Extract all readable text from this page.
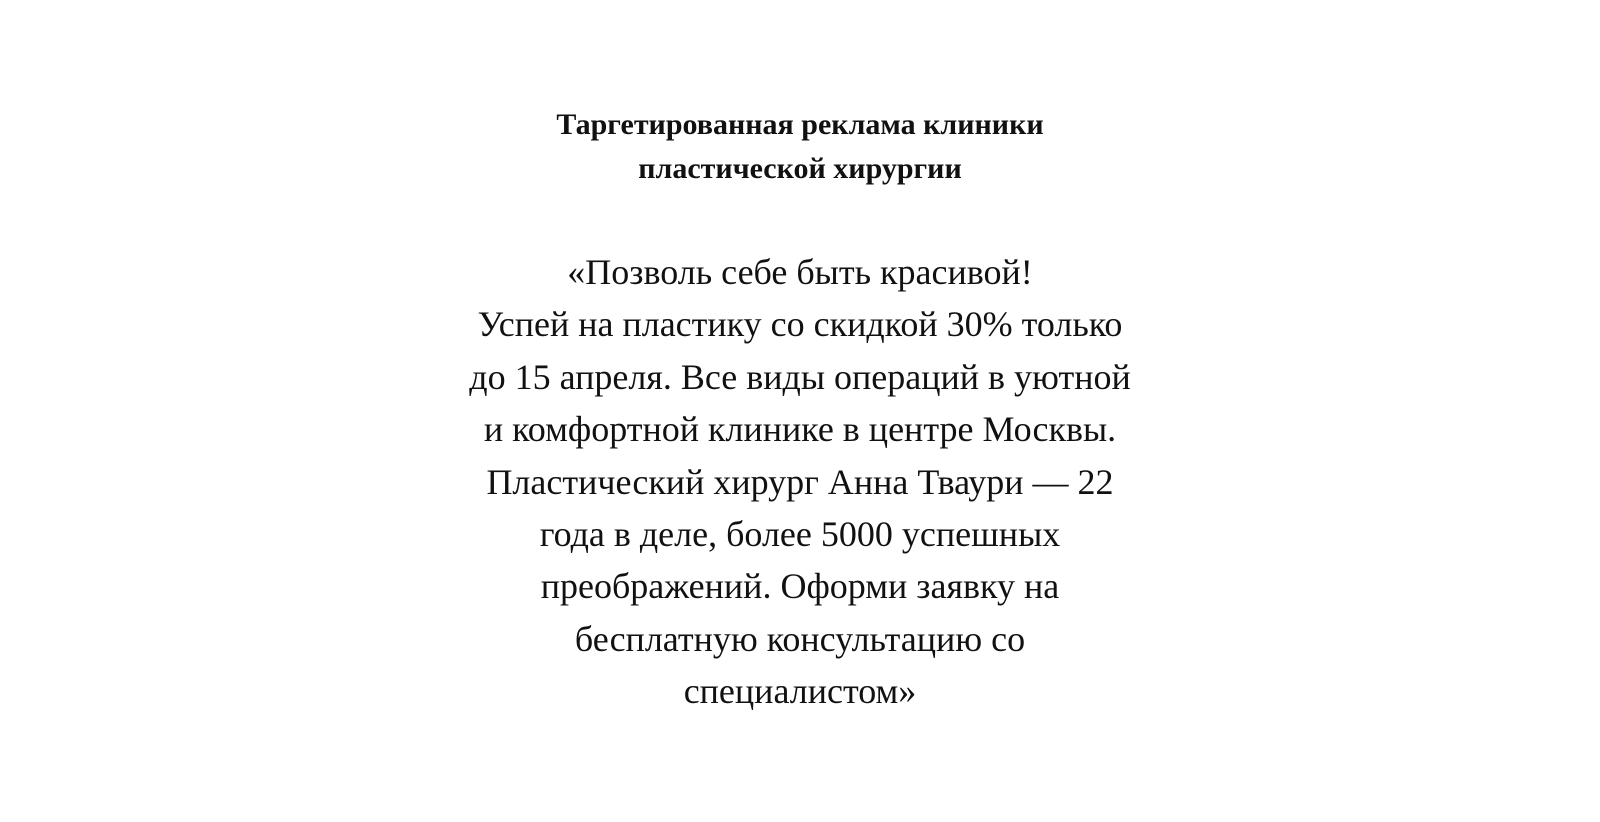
Таргетированная реклама клиники
пластической хирургии
«Позволь себе быть красивой!
Успей на пластику со скидкой 30% только
до 15 апреля. Все виды операций в уютной
и комфортной клинике в центре Москвы.
Пластический хирург Анна Тваури — 22
года в деле, более 5000 успешных
преображений. Оформи заявку на
бесплатную консультацию со
специалистом»
